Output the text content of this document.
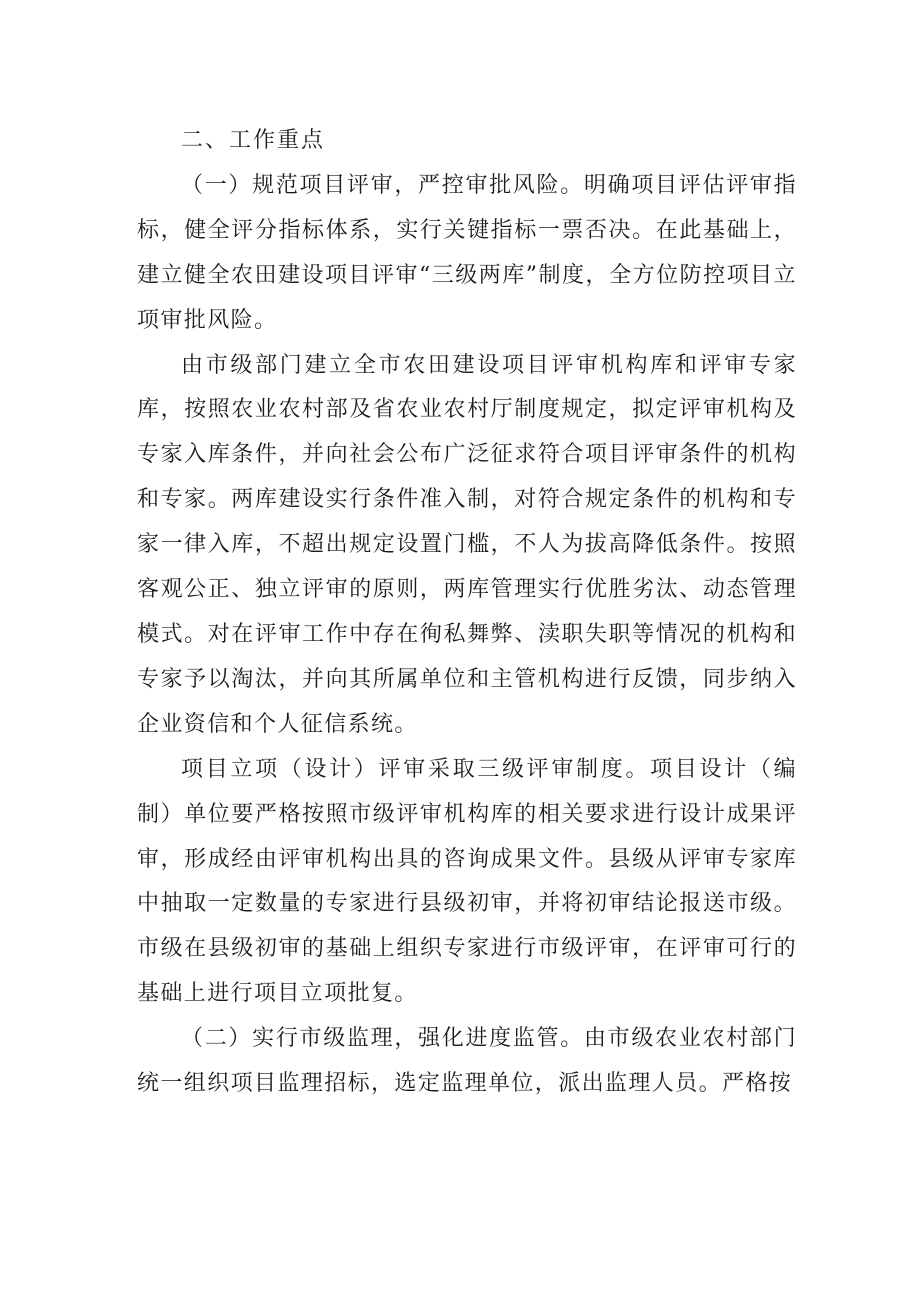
二、工作重点

（一）规范项目评审，严控审批风险。明确项目评估评审指标，健全评分指标体系，实行关键指标一票否决。在此基础上，建立健全农田建设项目评审“三级两库”制度，全方位防控项目立项审批风险。

由市级部门建立全市农田建设项目评审机构库和评审专家库，按照农业农村部及省农业农村厅制度规定，拟定评审机构及专家入库条件，并向社会公布广泛征求符合项目评审条件的机构和专家。两库建设实行条件准入制，对符合规定条件的机构和专家一律入库，不超出规定设置门槛，不人为拔高降低条件。按照客观公正、独立评审的原则，两库管理实行优胜劣汰、动态管理模式。对在评审工作中存在徇私舞弊、渎职失职等情况的机构和专家予以淘汰，并向其所属单位和主管机构进行反馈，同步纳入企业资信和个人征信系统。

项目立项（设计）评审采取三级评审制度。项目设计（编制）单位要严格按照市级评审机构库的相关要求进行设计成果评审，形成经由评审机构出具的咨询成果文件。县级从评审专家库中抽取一定数量的专家进行县级初审，并将初审结论报送市级。市级在县级初审的基础上组织专家进行市级评审，在评审可行的基础上进行项目立项批复。

（二）实行市级监理，强化进度监管。由市级农业农村部门统一组织项目监理招标，选定监理单位，派出监理人员。严格按
